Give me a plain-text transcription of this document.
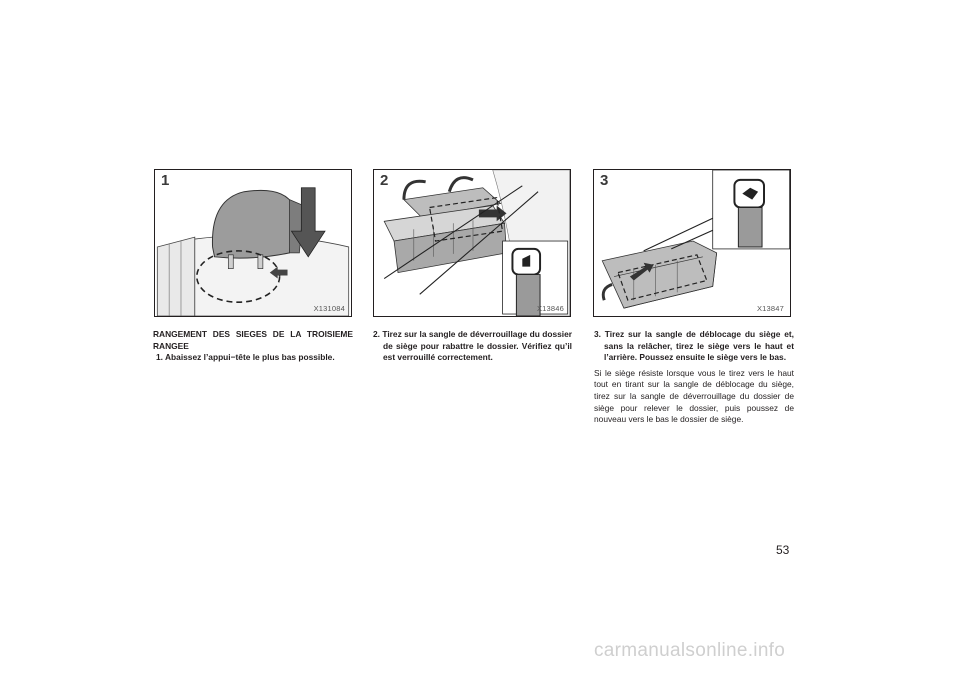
1
X131084
2
X13846
3
X13847
RANGEMENT DES SIEGES DE LA TROISIEME RANGEE
1. Abaissez l’appui−tête le plus bas possible.
2. Tirez sur la sangle de déverrouillage du dossier de siège pour rabattre le dossier. Vérifiez qu’il est verrouillé correctement.
3. Tirez sur la sangle de déblocage du siège et, sans la relâcher, tirez le siège vers le haut et l’arrière. Poussez ensuite le siège vers le bas.
Si le siège résiste lorsque vous le tirez vers le haut tout en tirant sur la sangle de déblocage du siège, tirez sur la sangle de déverrouillage du dossier de siège pour relever le dossier, puis poussez de nouveau vers le bas le dossier de siège.
53
carmanualsonline.info
